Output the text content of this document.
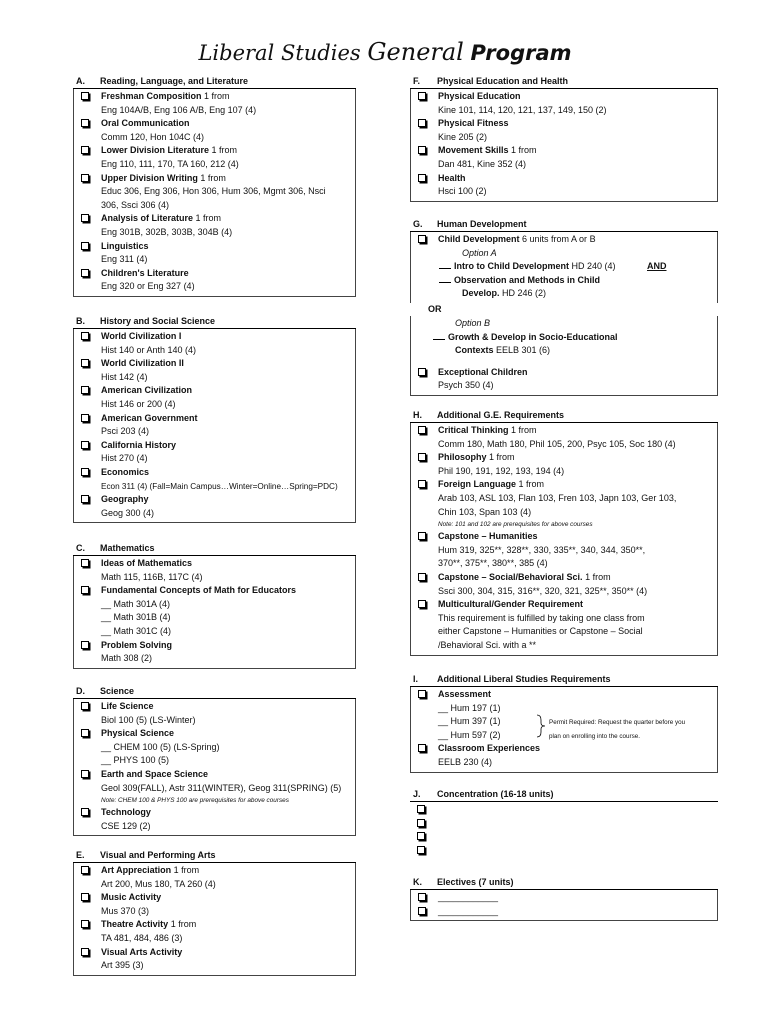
Liberal Studies General Program
A.	Reading, Language, and Literature
Freshman Composition 1 from
Eng 104A/B, Eng 106 A/B, Eng 107 (4)
Oral Communication
Comm 120, Hon 104C (4)
Lower Division Literature 1 from
Eng 110, 111, 170, TA 160, 212 (4)
Upper Division Writing 1 from
Educ 306, Eng 306, Hon 306, Hum 306, Mgmt 306, Nsci
306, Ssci 306 (4)
Analysis of Literature 1 from
Eng 301B, 302B, 303B, 304B (4)
Linguistics
Eng 311 (4)
Children's Literature
Eng 320 or Eng 327 (4)
B.	History and Social Science
World Civilization I
Hist 140 or Anth 140 (4)
World Civilization II
Hist 142 (4)
American Civilization
Hist 146 or 200 (4)
American Government
Psci 203 (4)
California History
Hist 270 (4)
Economics
Econ 311 (4) (Fall=Main Campus…Winter=Online…Spring=PDC)
Geography
Geog 300 (4)
C.	Mathematics
Ideas of Mathematics
Math 115, 116B, 117C (4)
Fundamental Concepts of Math for Educators
__ Math 301A (4)
__ Math 301B (4)
__ Math 301C (4)
Problem Solving
Math 308 (2)
D.	Science
Life Science
Biol 100 (5) (LS-Winter)
Physical Science
__ CHEM 100 (5) (LS-Spring)
__ PHYS 100 (5)
Earth and Space Science
Geol 309(FALL), Astr 311(WINTER), Geog 311(SPRING) (5)
Note: CHEM 100 & PHYS 100 are prerequisites for above courses
Technology
CSE 129 (2)
E.	Visual and Performing Arts
Art Appreciation 1 from
Art 200, Mus 180, TA 260 (4)
Music Activity
Mus 370 (3)
Theatre Activity 1 from
TA 481, 484, 486 (3)
Visual Arts Activity
Art 395 (3)
F.	Physical Education and Health
Physical Education
Kine 101, 114, 120, 121, 137, 149, 150 (2)
Physical Fitness
Kine 205 (2)
Movement Skills 1 from
Dan 481, Kine 352 (4)
Health
Hsci 100 (2)
G.	Human Development
Child Development 6 units from A or B
Option A
Intro to Child Development HD 240 (4)	AND
Observation and Methods in Child
Develop. HD 246 (2)
OR
Option B
Growth & Develop in Socio-Educational
Contexts EELB 301 (6)
Exceptional Children
Psych 350 (4)
H.	Additional G.E. Requirements
Critical Thinking 1 from
Comm 180, Math 180, Phil 105, 200, Psyc 105, Soc 180 (4)
Philosophy 1 from
Phil 190, 191, 192, 193, 194 (4)
Foreign Language 1 from
Arab 103, ASL 103, Flan 103, Fren 103, Japn 103, Ger 103,
Chin 103, Span 103 (4)
Note: 101 and 102 are prerequisites for above courses
Capstone – Humanities
Hum 319, 325**, 328**, 330, 335**, 340, 344, 350**,
370**, 375**, 380**, 385 (4)
Capstone – Social/Behavioral Sci. 1 from
Ssci 300, 304, 315, 316**, 320, 321, 325**, 350** (4)
Multicultural/Gender Requirement
This requirement is fulfilled by taking one class from
either Capstone – Humanities or Capstone – Social
/Behavioral Sci. with a **
I.	Additional Liberal Studies Requirements
Assessment
__ Hum 197 (1)
__ Hum 397 (1)	Permit Required: Request the quarter before you
__ Hum 597 (2)	plan on enrolling into the course.
Classroom Experiences
EELB 230 (4)
J.	Concentration (16-18 units)

K.	Electives (7 units)
____________
____________
